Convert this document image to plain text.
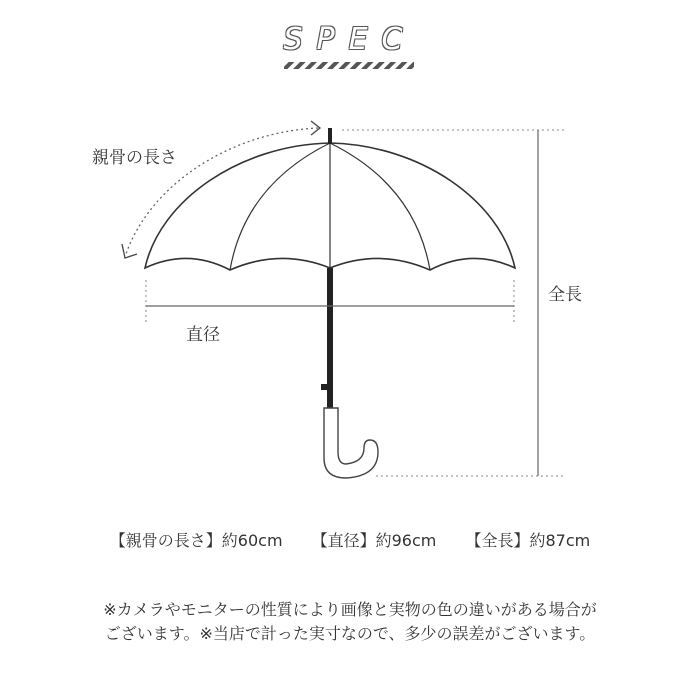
SPEC
親骨の長さ
直径
全長
【親骨の長さ】約60cm 【直径】約96cm 【全長】約87cm
※カメラやモニターの性質により画像と実物の色の違いがある場合が
ございます。※当店で計った実寸なので、多少の誤差がございます。
